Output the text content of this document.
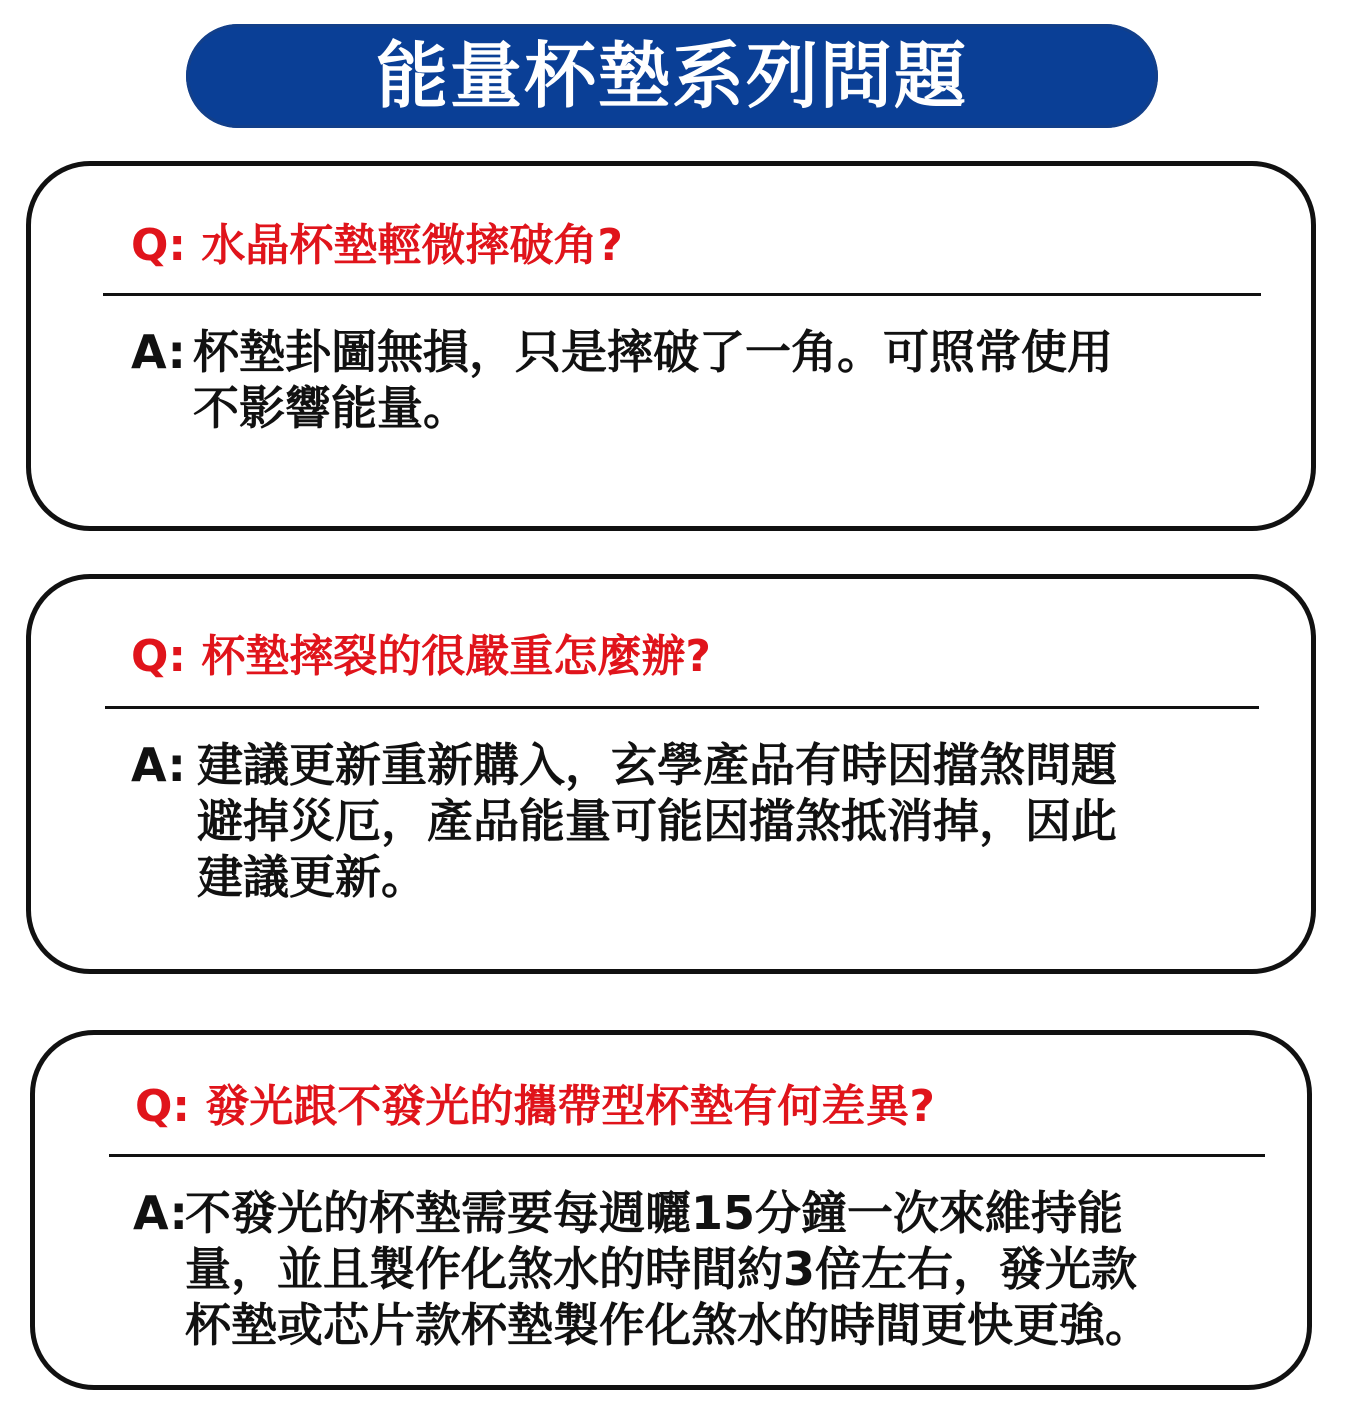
能量杯墊系列問題
Q: 水晶杯墊輕微摔破角?
A: 杯墊卦圖無損，只是摔破了一角。可照常使用
不影響能量。
Q: 杯墊摔裂的很嚴重怎麼辦?
A: 建議更新重新購入，玄學產品有時因擋煞問題
避掉災厄，產品能量可能因擋煞抵消掉，因此
建議更新。
Q: 發光跟不發光的攜帶型杯墊有何差異?
A:
不發光的杯墊需要每週曬15分鐘一次來維持能
量，並且製作化煞水的時間約3倍左右，發光款
杯墊或芯片款杯墊製作化煞水的時間更快更強。
